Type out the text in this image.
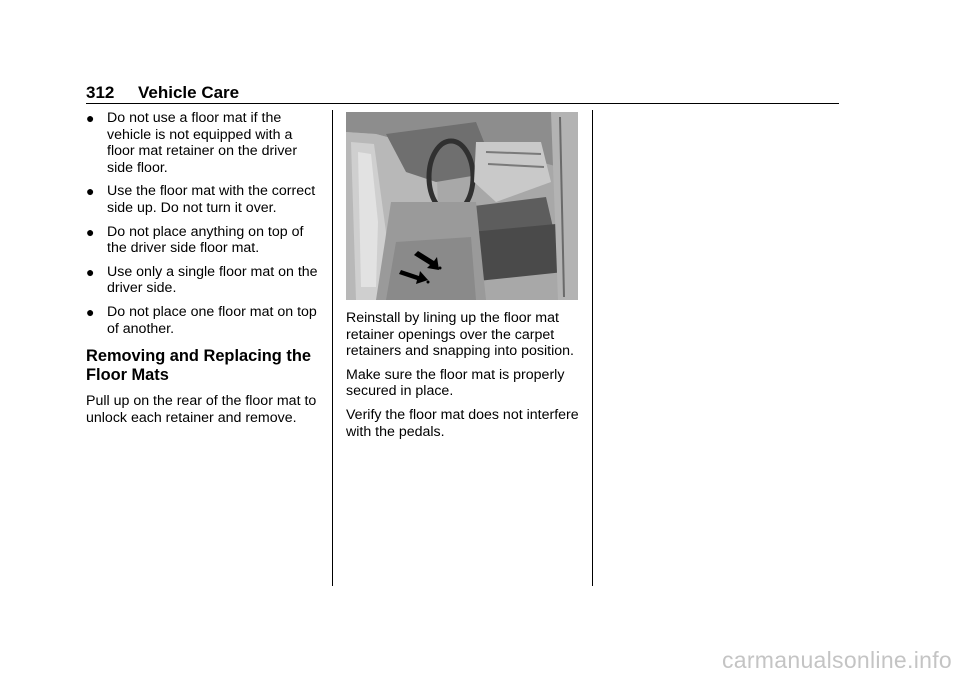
312 Vehicle Care
● Do not use a floor mat if the vehicle is not equipped with a floor mat retainer on the driver side floor.
● Use the floor mat with the correct side up. Do not turn it over.
● Do not place anything on top of the driver side floor mat.
● Use only a single floor mat on the driver side.
● Do not place one floor mat on top of another.
Removing and Replacing the Floor Mats

Pull up on the rear of the floor mat to unlock each retainer and remove.

Reinstall by lining up the floor mat retainer openings over the carpet retainers and snapping into position.

Make sure the floor mat is properly secured in place.

Verify the floor mat does not interfere with the pedals.

carmanualsonline.info
